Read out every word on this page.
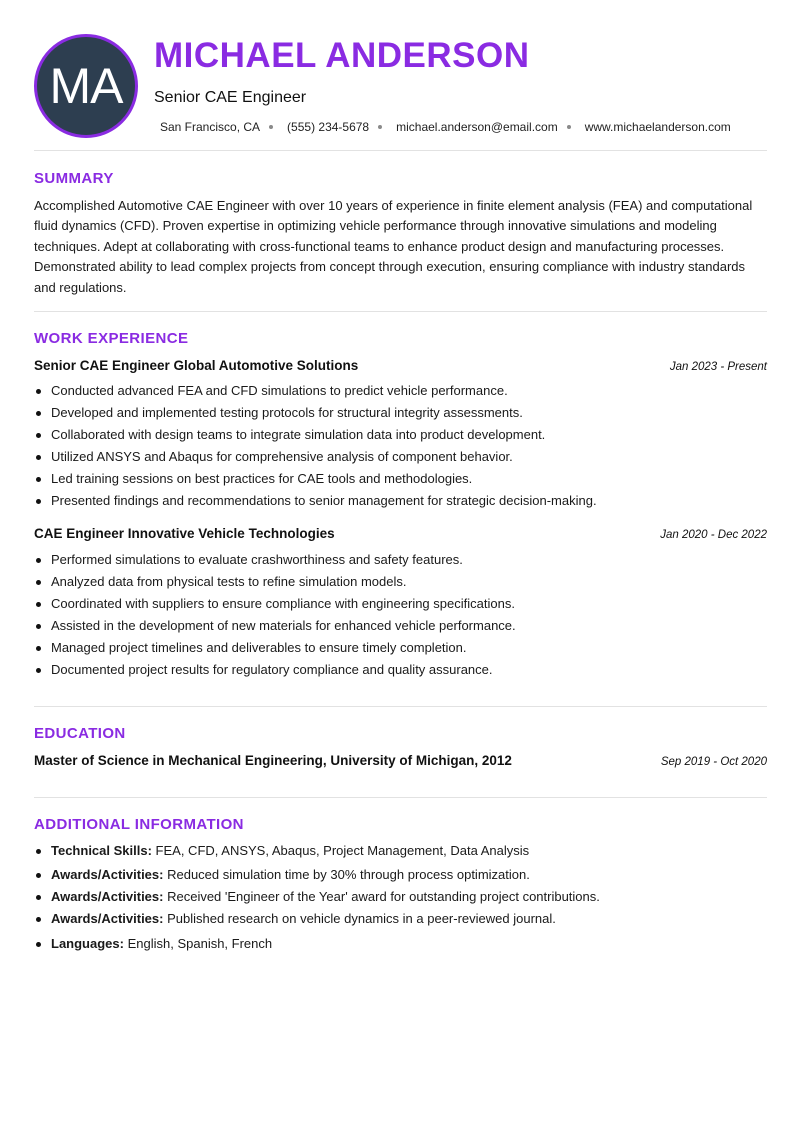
MA
MICHAEL ANDERSON
Senior CAE Engineer
San Francisco, CA (555) 234-5678 michael.anderson@email.com www.michaelanderson.com
SUMMARY

Accomplished Automotive CAE Engineer with over 10 years of experience in finite element analysis (FEA) and computational fluid dynamics (CFD). Proven expertise in optimizing vehicle performance through innovative simulations and modeling techniques. Adept at collaborating with cross-functional teams to enhance product design and manufacturing processes. Demonstrated ability to lead complex projects from concept through execution, ensuring compliance with industry standards and regulations.

WORK EXPERIENCE
Senior CAE Engineer Global Automotive Solutions	Jan 2023 - Present
Conducted advanced FEA and CFD simulations to predict vehicle performance.
Developed and implemented testing protocols for structural integrity assessments.
Collaborated with design teams to integrate simulation data into product development.
Utilized ANSYS and Abaqus for comprehensive analysis of component behavior.
Led training sessions on best practices for CAE tools and methodologies.
Presented findings and recommendations to senior management for strategic decision-making.
CAE Engineer Innovative Vehicle Technologies	Jan 2020 - Dec 2022
Performed simulations to evaluate crashworthiness and safety features.
Analyzed data from physical tests to refine simulation models.
Coordinated with suppliers to ensure compliance with engineering specifications.
Assisted in the development of new materials for enhanced vehicle performance.
Managed project timelines and deliverables to ensure timely completion.
Documented project results for regulatory compliance and quality assurance.
EDUCATION
Master of Science in Mechanical Engineering, University of Michigan, 2012	Sep 2019 - Oct 2020
ADDITIONAL INFORMATION
Technical Skills: FEA, CFD, ANSYS, Abaqus, Project Management, Data Analysis
Awards/Activities: Reduced simulation time by 30% through process optimization.
Awards/Activities: Received 'Engineer of the Year' award for outstanding project contributions.
Awards/Activities: Published research on vehicle dynamics in a peer-reviewed journal.
Languages: English, Spanish, French
